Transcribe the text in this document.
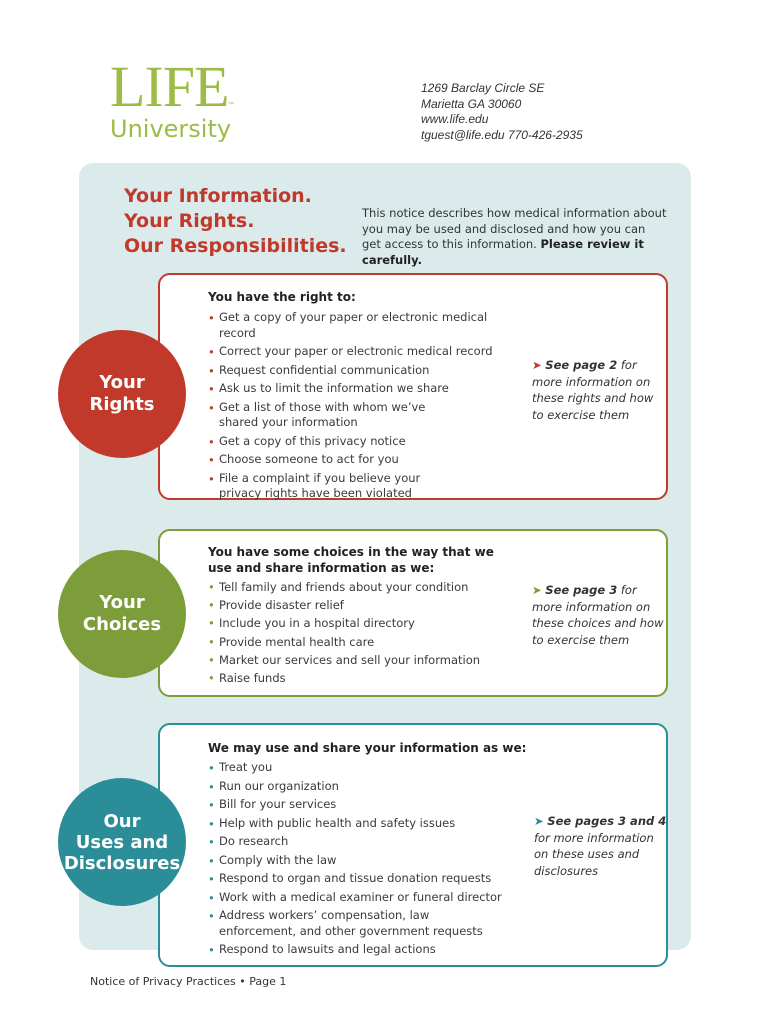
LIFE ™
University
1269 Barclay Circle SE
Marietta GA 30060
www.life.edu
tguest@life.edu 770-426-2935
Your Information.
Your Rights.
Our Responsibilities.
This notice describes how medical information about you may be used and disclosed and how you can get access to this information. Please review it carefully.
You have the right to:
• Get a copy of your paper or electronic medical record
• Correct your paper or electronic medical record
• Request confidential communication
• Ask us to limit the information we share
• Get a list of those with whom we’ve shared your information
• Get a copy of this privacy notice
• Choose someone to act for you
• File a complaint if you believe your privacy rights have been violated
➤ See page 2 for more information on these rights and how to exercise them
You have some choices in the way that we use and share information as we:
• Tell family and friends about your condition
• Provide disaster relief
• Include you in a hospital directory
• Provide mental health care
• Market our services and sell your information
• Raise funds
➤ See page 3 for more information on these choices and how to exercise them
We may use and share your information as we:
• Treat you
• Run our organization
• Bill for your services
• Help with public health and safety issues
• Do research
• Comply with the law
• Respond to organ and tissue donation requests
• Work with a medical examiner or funeral director
• Address workers’ compensation, law enforcement, and other government requests
• Respond to lawsuits and legal actions
➤ See pages 3 and 4 for more information on these uses and disclosures
Your
Rights
Your
Choices
Our
Uses and
Disclosures
Notice of Privacy Practices • Page 1
